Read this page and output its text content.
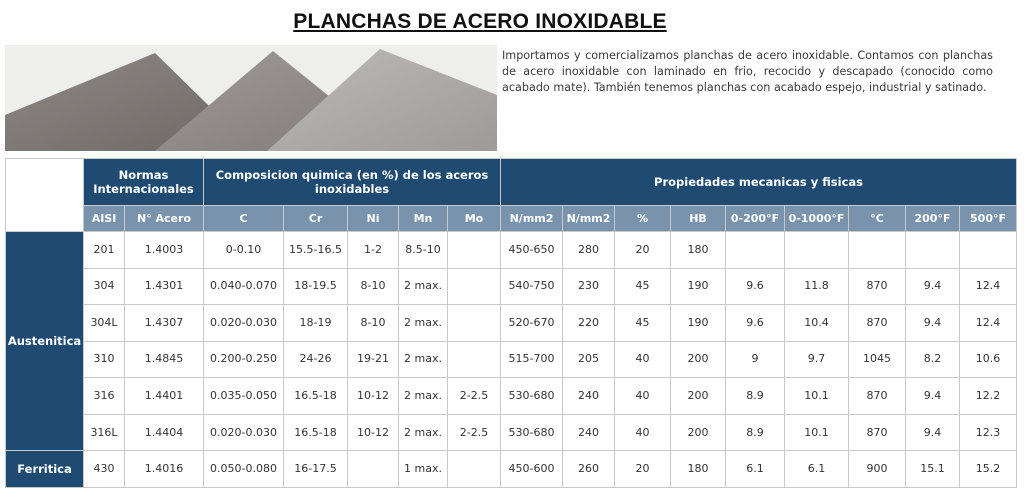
PLANCHAS DE ACERO INOXIDABLE

Importamos y comercializamos planchas de acero inoxidable. Contamos con planchas de acero inoxidable con laminado en frio, recocido y descapado (conocido como acabado mate). También tenemos planchas con acabado espejo, industrial y satinado.

	Normas Internacionales		Composicion quimica (en %) de los aceros inoxidables					Propiedades mecanicas y fisicas								
	AISI	N° Acero	C	Cr	Ni	Mn	Mo	N/mm2	N/mm2	%	HB	0-200°F	0-1000°F	°C	200°F	500°F
Austenitica	201	1.4003	0-0.10	15.5-16.5	1-2	8.5-10		450-650	280	20	180					
	304	1.4301	0.040-0.070	18-19.5	8-10	2 max.		540-750	230	45	190	9.6	11.8	870	9.4	12.4
	304L	1.4307	0.020-0.030	18-19	8-10	2 max.		520-670	220	45	190	9.6	10.4	870	9.4	12.4
	310	1.4845	0.200-0.250	24-26	19-21	2 max.		515-700	205	40	200	9	9.7	1045	8.2	10.6
	316	1.4401	0.035-0.050	16.5-18	10-12	2 max.	2-2.5	530-680	240	40	200	8.9	10.1	870	9.4	12.2
	316L	1.4404	0.020-0.030	16.5-18	10-12	2 max.	2-2.5	530-680	240	40	200	8.9	10.1	870	9.4	12.3
Ferritica	430	1.4016	0.050-0.080	16-17.5		1 max.		450-600	260	20	180	6.1	6.1	900	15.1	15.2
